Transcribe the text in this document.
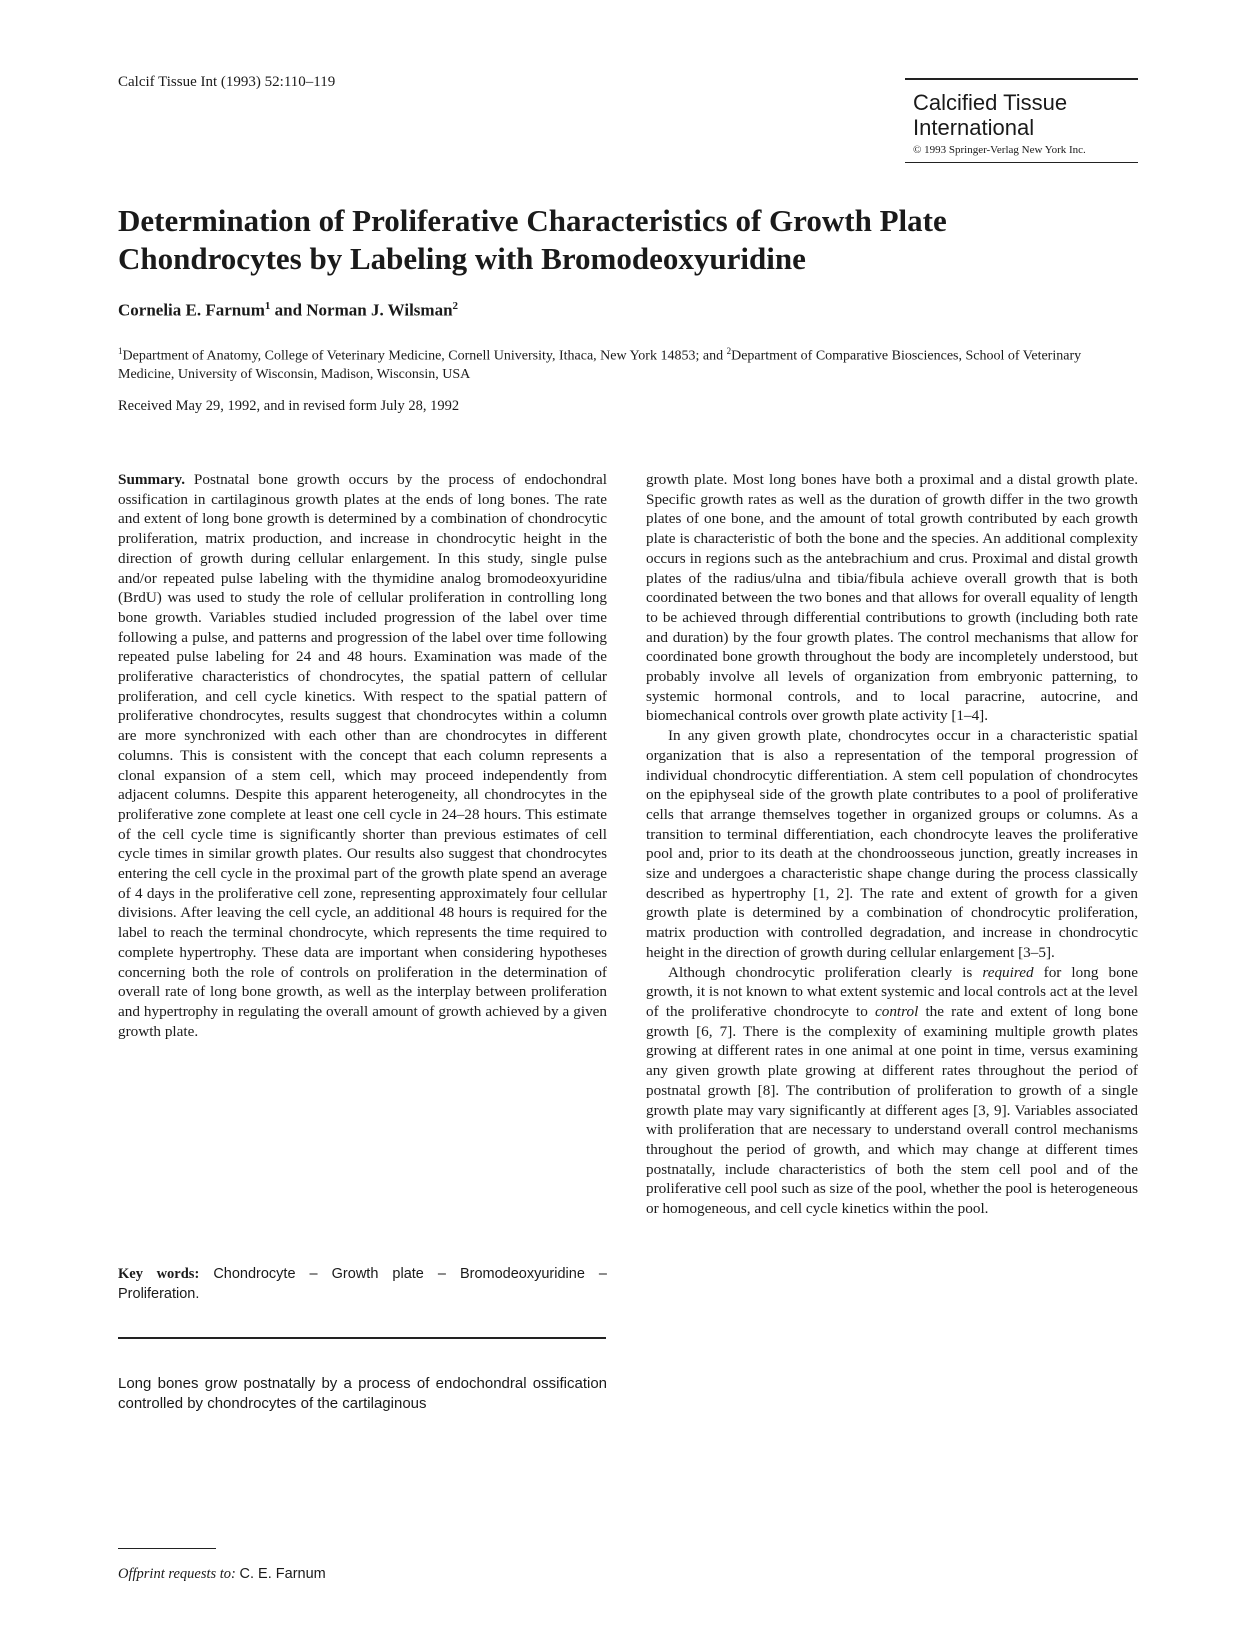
Calcif Tissue Int (1993) 52:110–119
Calcified Tissue
International
© 1993 Springer-Verlag New York Inc.
Determination of Proliferative Characteristics of Growth Plate Chondrocytes by Labeling with Bromodeoxyuridine
Cornelia E. Farnum$^1$ and Norman J. Wilsman$^2$
$^1$Department of Anatomy, College of Veterinary Medicine, Cornell University, Ithaca, New York 14853; and $^2$Department of Comparative Biosciences, School of Veterinary Medicine, University of Wisconsin, Madison, Wisconsin, USA
Received May 29, 1992, and in revised form July 28, 1992

Summary. Postnatal bone growth occurs by the process of endochondral ossification in cartilaginous growth plates at the ends of long bones. The rate and extent of long bone growth is determined by a combination of chondrocytic proliferation, matrix production, and increase in chondrocytic height in the direction of growth during cellular enlargement. In this study, single pulse and/or repeated pulse labeling with the thymidine analog bromodeoxyuridine (BrdU) was used to study the role of cellular proliferation in controlling long bone growth. Variables studied included progression of the label over time following a pulse, and patterns and progression of the label over time following repeated pulse labeling for 24 and 48 hours. Examination was made of the proliferative characteristics of chondrocytes, the spatial pattern of cellular proliferation, and cell cycle kinetics. With respect to the spatial pattern of proliferative chondrocytes, results suggest that chondrocytes within a column are more synchronized with each other than are chondrocytes in different columns. This is consistent with the concept that each column represents a clonal expansion of a stem cell, which may proceed independently from adjacent columns. Despite this apparent heterogeneity, all chondrocytes in the proliferative zone complete at least one cell cycle in 24–28 hours. This estimate of the cell cycle time is significantly shorter than previous estimates of cell cycle times in similar growth plates. Our results also suggest that chondrocytes entering the cell cycle in the proximal part of the growth plate spend an average of 4 days in the proliferative cell zone, representing approximately four cellular divisions. After leaving the cell cycle, an additional 48 hours is required for the label to reach the terminal chondrocyte, which represents the time required to complete hypertrophy. These data are important when considering hypotheses concerning both the role of controls on proliferation in the determination of overall rate of long bone growth, as well as the interplay between proliferation and hypertrophy in regulating the overall amount of growth achieved by a given growth plate.

Key words: Chondrocyte – Growth plate – Bromodeoxyuridine – Proliferation.
Long bones grow postnatally by a process of endochondral ossification controlled by chondrocytes of the cartilaginous

growth plate. Most long bones have both a proximal and a distal growth plate. Specific growth rates as well as the duration of growth differ in the two growth plates of one bone, and the amount of total growth contributed by each growth plate is characteristic of both the bone and the species. An additional complexity occurs in regions such as the antebrachium and crus. Proximal and distal growth plates of the radius/ulna and tibia/fibula achieve overall growth that is both coordinated between the two bones and that allows for overall equality of length to be achieved through differential contributions to growth (including both rate and duration) by the four growth plates. The control mechanisms that allow for coordinated bone growth throughout the body are incompletely understood, but probably involve all levels of organization from embryonic patterning, to systemic hormonal controls, and to local paracrine, autocrine, and biomechanical controls over growth plate activity [1–4].

In any given growth plate, chondrocytes occur in a characteristic spatial organization that is also a representation of the temporal progression of individual chondrocytic differentiation. A stem cell population of chondrocytes on the epiphyseal side of the growth plate contributes to a pool of proliferative cells that arrange themselves together in organized groups or columns. As a transition to terminal differentiation, each chondrocyte leaves the proliferative pool and, prior to its death at the chondroosseous junction, greatly increases in size and undergoes a characteristic shape change during the process classically described as hypertrophy [1, 2]. The rate and extent of growth for a given growth plate is determined by a combination of chondrocytic proliferation, matrix production with controlled degradation, and increase in chondrocytic height in the direction of growth during cellular enlargement [3–5].

Although chondrocytic proliferation clearly is required for long bone growth, it is not known to what extent systemic and local controls act at the level of the proliferative chondrocyte to control the rate and extent of long bone growth [6, 7]. There is the complexity of examining multiple growth plates growing at different rates in one animal at one point in time, versus examining any given growth plate growing at different rates throughout the period of postnatal growth [8]. The contribution of proliferation to growth of a single growth plate may vary significantly at different ages [3, 9]. Variables associated with proliferation that are necessary to understand overall control mechanisms throughout the period of growth, and which may change at different times postnatally, include characteristics of both the stem cell pool and of the proliferative cell pool such as size of the pool, whether the pool is heterogeneous or homogeneous, and cell cycle kinetics within the pool.

Offprint requests to: C. E. Farnum
